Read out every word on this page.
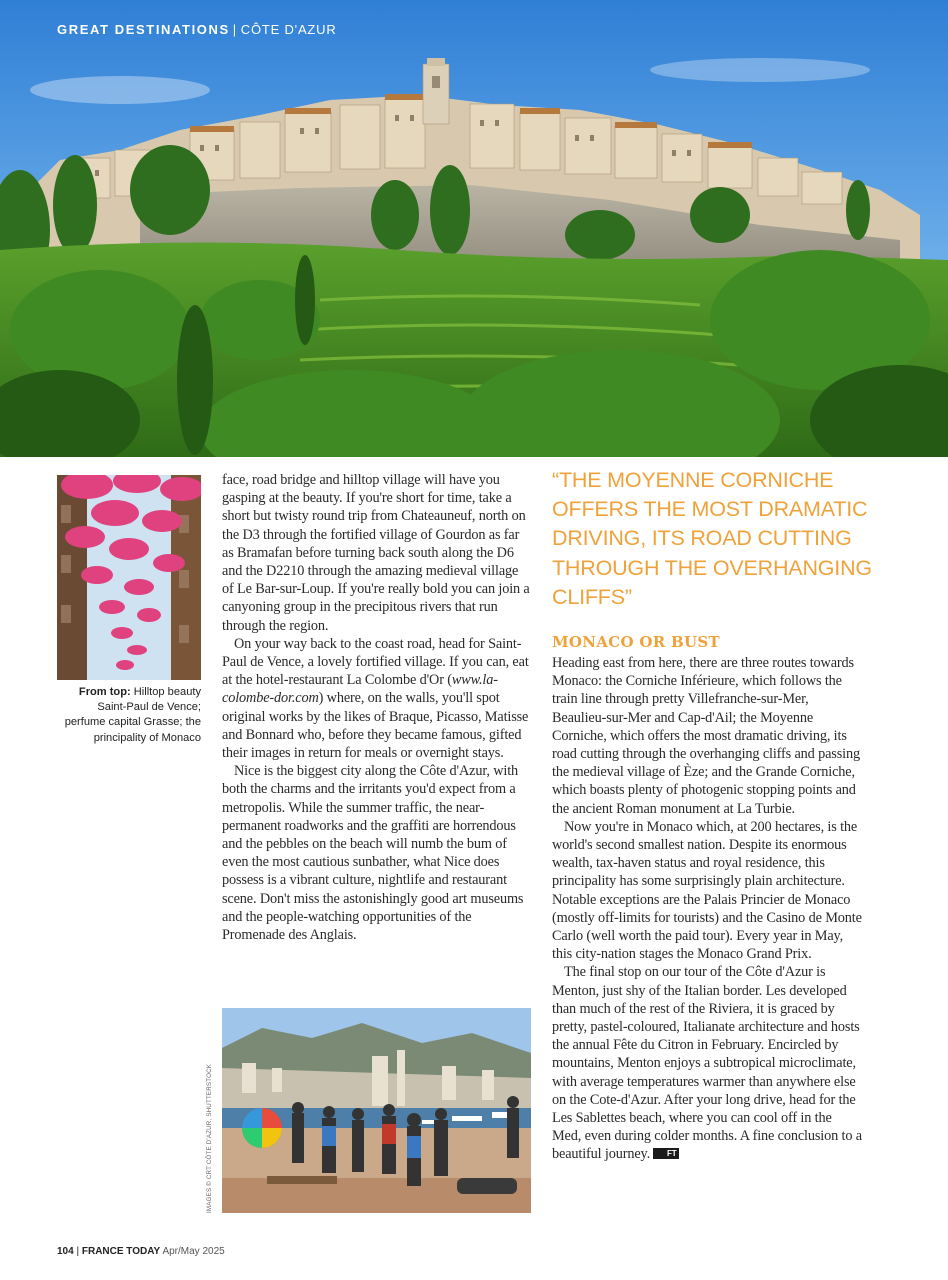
GREAT DESTINATIONS | CÔTE D'AZUR
From top: Hilltop beauty Saint-Paul de Vence; perfume capital Grasse; the principality of Monaco

face, road bridge and hilltop village will have you gasping at the beauty. If you're short for time, take a short but twisty round trip from Chateauneuf, north on the D3 through the fortified village of Gourdon as far as Bramafan before turning back south along the D6 and the D2210 through the amazing medieval village of Le Bar-sur-Loup. If you're really bold you can join a canyoning group in the precipitous rivers that run through the region.

On your way back to the coast road, head for Saint-Paul de Vence, a lovely fortified village. If you can, eat at the hotel-restaurant La Colombe d'Or (www.la-colombe-dor.com) where, on the walls, you'll spot original works by the likes of Braque, Picasso, Matisse and Bonnard who, before they became famous, gifted their images in return for meals or overnight stays.

Nice is the biggest city along the Côte d'Azur, with both the charms and the irritants you'd expect from a metropolis. While the summer traffic, the near-permanent roadworks and the graffiti are horrendous and the pebbles on the beach will numb the bum of even the most cautious sunbather, what Nice does possess is a vibrant culture, nightlife and restaurant scene. Don't miss the astonishingly good art museums and the people-watching opportunities of the Promenade des Anglais.

IMAGES © CRT CÔTE D'AZUR, SHUTTERSTOCK
“THE MOYENNE CORNICHE OFFERS THE MOST DRAMATIC DRIVING, ITS ROAD CUTTING THROUGH THE OVERHANGING CLIFFS”
MONACO OR BUST

Heading east from here, there are three routes towards Monaco: the Corniche Inférieure, which follows the train line through pretty Villefranche-sur-Mer, Beaulieu-sur-Mer and Cap-d'Ail; the Moyenne Corniche, which offers the most dramatic driving, its road cutting through the overhanging cliffs and passing the medieval village of Èze; and the Grande Corniche, which boasts plenty of photogenic stopping points and the ancient Roman monument at La Turbie.

Now you're in Monaco which, at 200 hectares, is the world's second smallest nation. Despite its enormous wealth, tax-haven status and royal residence, this principality has some surprisingly plain architecture. Notable exceptions are the Palais Princier de Monaco (mostly off-limits for tourists) and the Casino de Monte Carlo (well worth the paid tour). Every year in May, this city-nation stages the Monaco Grand Prix.

The final stop on our tour of the Côte d'Azur is Menton, just shy of the Italian border. Les developed than much of the rest of the Riviera, it is graced by pretty, pastel-coloured, Italianate architecture and hosts the annual Fête du Citron in February. Encircled by mountains, Menton enjoys a subtropical microclimate, with average temperatures warmer than anywhere else on the Cote-d'Azur. After your long drive, head for the Les Sablettes beach, where you can cool off in the Med, even during colder months. A fine conclusion to a beautiful journey. FT

104 | FRANCE TODAY Apr/May 2025
